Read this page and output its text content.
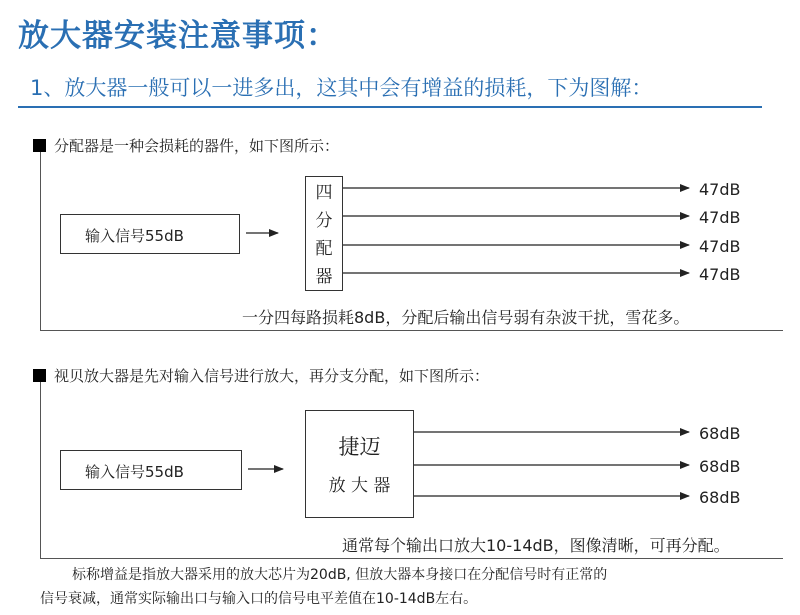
放大器安装注意事项：
1、放大器一般可以一进多出，这其中会有增益的损耗，下为图解：
分配器是一种会损耗的器件，如下图所示：
输入信号55dB
四
分
配
器
47dB
47dB
47dB
47dB
一分四每路损耗8dB，分配后输出信号弱有杂波干扰，雪花多。
视贝放大器是先对输入信号进行放大，再分支分配，如下图所示：
输入信号55dB
捷迈
放 大 器
68dB
68dB
68dB
通常每个输出口放大10-14dB，图像清晰，可再分配。
标称增益是指放大器采用的放大芯片为20dB, 但放大器本身接口在分配信号时有正常的
信号衰减，通常实际输出口与输入口的信号电平差值在10-14dB左右。
